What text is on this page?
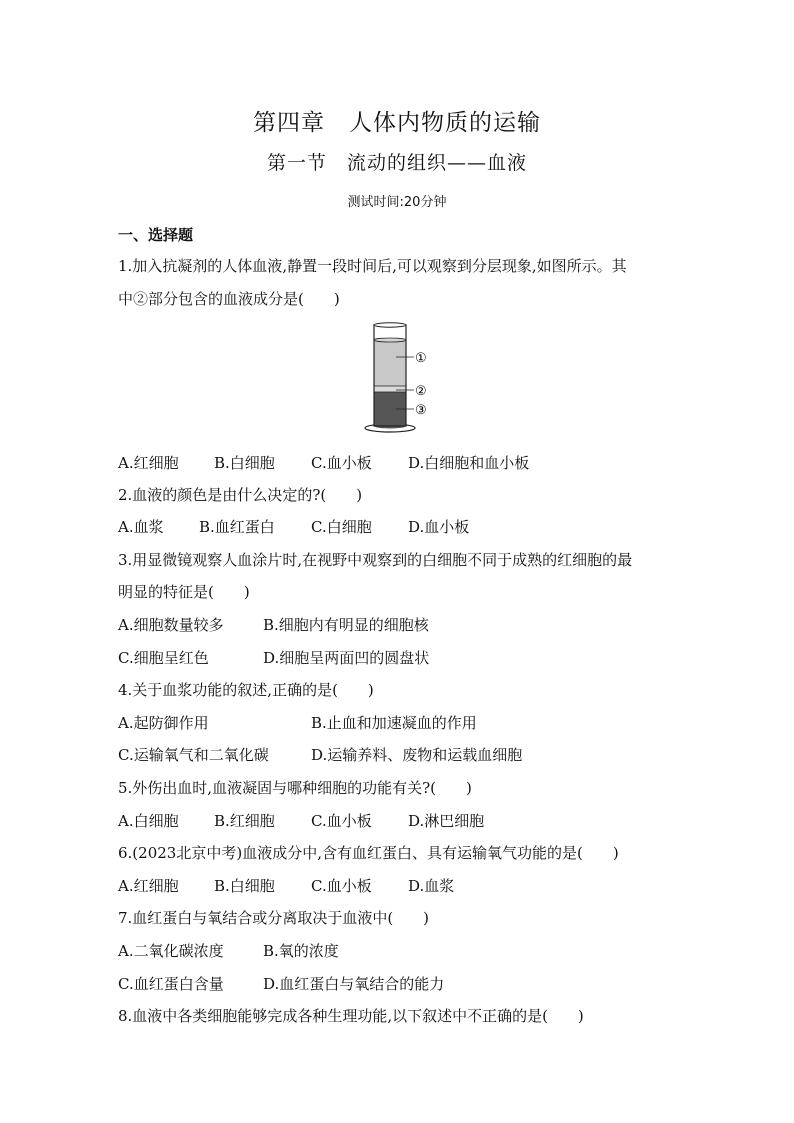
第四章　人体内物质的运输
第一节　流动的组织——血液
测试时间:20分钟
一、选择题
1.加入抗凝剂的人体血液,静置一段时间后,可以观察到分层现象,如图所示。其
中②部分包含的血液成分是(　　)
①
②
③
A.红细胞 B.白细胞 C.血小板 D.白细胞和血小板
2.血液的颜色是由什么决定的?(　　)
A.血浆 B.血红蛋白 C.白细胞 D.血小板
3.用显微镜观察人血涂片时,在视野中观察到的白细胞不同于成熟的红细胞的最
明显的特征是(　　)
A.细胞数量较多	B.细胞内有明显的细胞核
C.细胞呈红色	D.细胞呈两面凹的圆盘状
4.关于血浆功能的叙述,正确的是(　　)
A.起防御作用	B.止血和加速凝血的作用
C.运输氧气和二氧化碳	D.运输养料、废物和运载血细胞
5.外伤出血时,血液凝固与哪种细胞的功能有关?(　　)
A.白细胞 B.红细胞 C.血小板 D.淋巴细胞
6.(2023北京中考)血液成分中,含有血红蛋白、具有运输氧气功能的是(　　)
A.红细胞 B.白细胞 C.血小板 D.血浆
7.血红蛋白与氧结合或分离取决于血液中(　　)
A.二氧化碳浓度	B.氧的浓度
C.血红蛋白含量	D.血红蛋白与氧结合的能力
8.血液中各类细胞能够完成各种生理功能,以下叙述中不正确的是(　　)
